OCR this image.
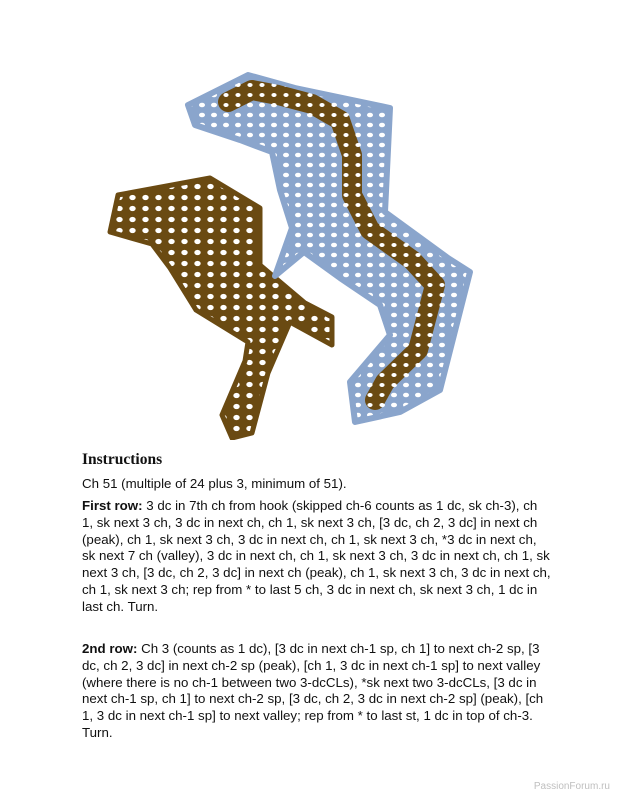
Instructions

Ch 51 (multiple of 24 plus 3, minimum of 51).

First row: 3 dc in 7th ch from hook (skipped ch-6 counts as 1 dc, sk ch-3), ch 1, sk next 3 ch, 3 dc in next ch, ch 1, sk next 3 ch, [3 dc, ch 2, 3 dc] in next ch (peak), ch 1, sk next 3 ch, 3 dc in next ch, ch 1, sk next 3 ch, *3 dc in next ch, sk next 7 ch (valley), 3 dc in next ch, ch 1, sk next 3 ch, 3 dc in next ch, ch 1, sk next 3 ch, [3 dc, ch 2, 3 dc] in next ch (peak), ch 1, sk next 3 ch, 3 dc in next ch, ch 1, sk next 3 ch; rep from * to last 5 ch, 3 dc in next ch, sk next 3 ch, 1 dc in last ch. Turn.

2nd row: Ch 3 (counts as 1 dc), [3 dc in next ch-1 sp, ch 1] to next ch-2 sp, [3 dc, ch 2, 3 dc] in next ch-2 sp (peak), [ch 1, 3 dc in next ch-1 sp] to next valley (where there is no ch-1 between two 3-dcCLs), *sk next two 3-dcCLs, [3 dc in next ch-1 sp, ch 1] to next ch-2 sp, [3 dc, ch 2, 3 dc in next ch-2 sp] (peak), [ch 1, 3 dc in next ch-1 sp] to next valley; rep from * to last st, 1 dc in top of ch-3. Turn.

PassionForum.ru
